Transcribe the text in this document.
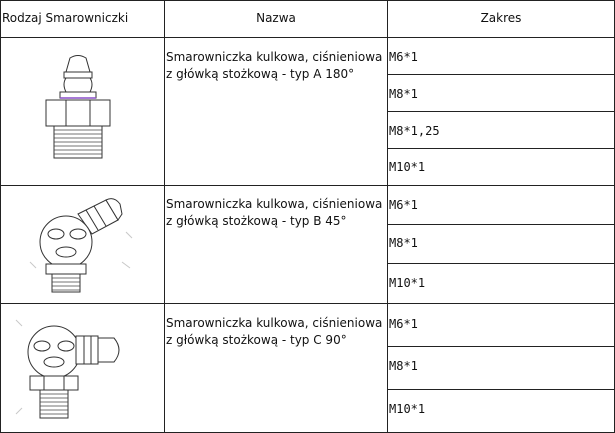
Rodzaj Smarowniczki	Nazwa	Zakres
Smarowniczka kulkowa, ciśnieniowa
z główką stożkową - typ A 180°
M6*1
M8*1
M8*1,25
M10*1
Smarowniczka kulkowa, ciśnieniowa
z główką stożkową - typ B 45°
M6*1
M8*1
M10*1
Smarowniczka kulkowa, ciśnieniowa
z główką stożkową - typ C 90°
M6*1
M8*1
M10*1
